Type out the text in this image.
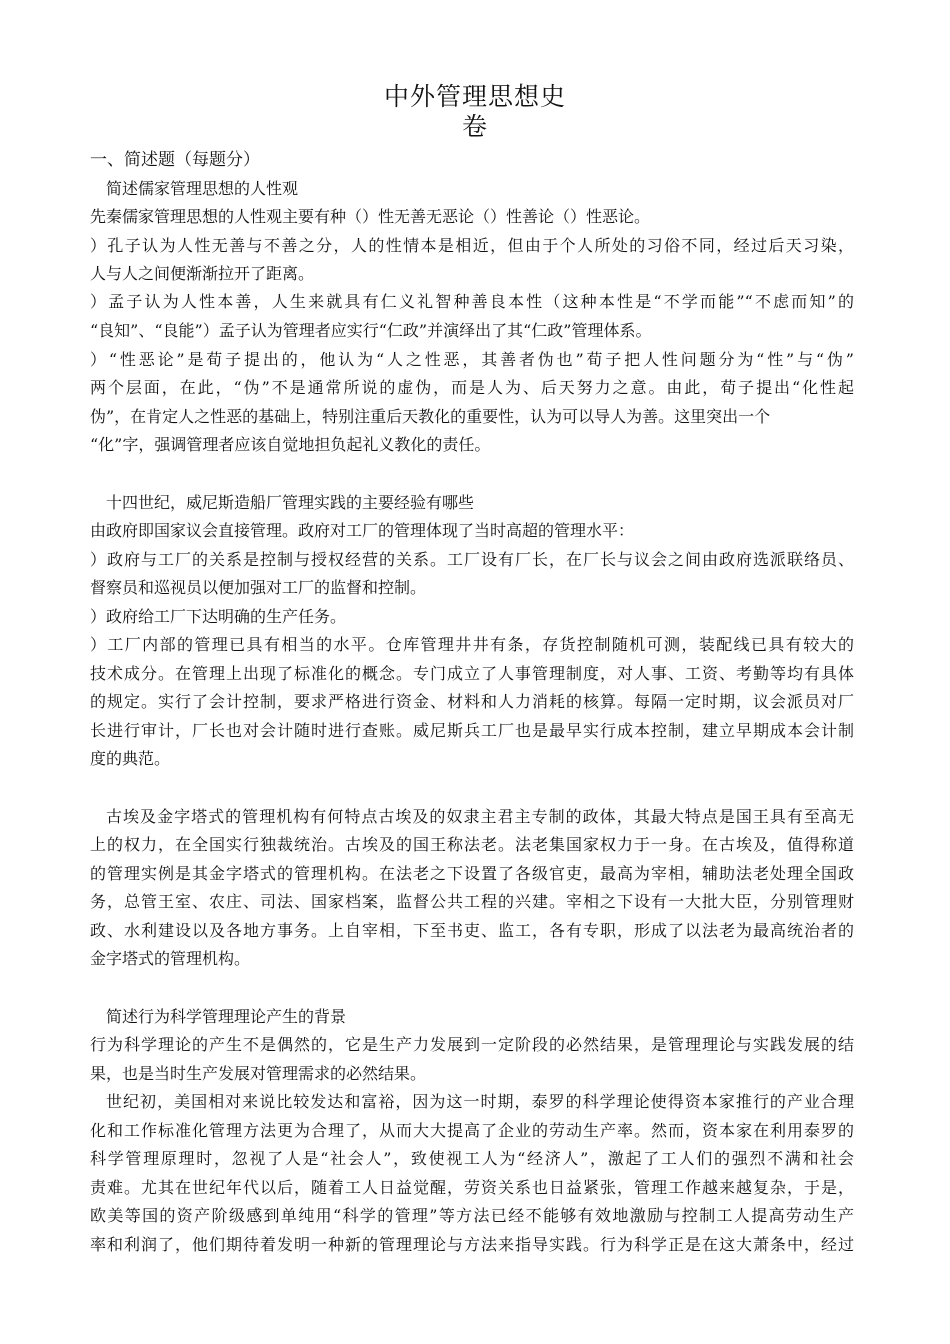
中外管理思想史
卷

一、简述题（每题分）

简述儒家管理思想的人性观

先秦儒家管理思想的人性观主要有种（）性无善无恶论（）性善论（）性恶论。

）孔子认为人性无善与不善之分，人的性情本是相近，但由于个人所处的习俗不同，经过后天习染，

人与人之间便渐渐拉开了距离。

）孟子认为人性本善，人生来就具有仁义礼智种善良本性（这种本性是“不学而能”“不虑而知”的

“良知”、“良能”）孟子认为管理者应实行“仁政”并演绎出了其“仁政”管理体系。

）“性恶论”是荀子提出的，他认为“人之性恶，其善者伪也”荀子把人性问题分为“性”与“伪”

两个层面，在此，“伪”不是通常所说的虚伪，而是人为、后天努力之意。由此，荀子提出“化性起

伪”，在肯定人之性恶的基础上，特别注重后天教化的重要性，认为可以导人为善。这里突出一个

“化”字，强调管理者应该自觉地担负起礼义教化的责任。

十四世纪，威尼斯造船厂管理实践的主要经验有哪些

由政府即国家议会直接管理。政府对工厂的管理体现了当时高超的管理水平：

）政府与工厂的关系是控制与授权经营的关系。工厂设有厂长，在厂长与议会之间由政府选派联络员、

督察员和巡视员以便加强对工厂的监督和控制。

）政府给工厂下达明确的生产任务。

）工厂内部的管理已具有相当的水平。仓库管理井井有条，存货控制随机可测，装配线已具有较大的

技术成分。在管理上出现了标准化的概念。专门成立了人事管理制度，对人事、工资、考勤等均有具体

的规定。实行了会计控制，要求严格进行资金、材料和人力消耗的核算。每隔一定时期，议会派员对厂

长进行审计，厂长也对会计随时进行查账。威尼斯兵工厂也是最早实行成本控制，建立早期成本会计制

度的典范。

古埃及金字塔式的管理机构有何特点古埃及的奴隶主君主专制的政体，其最大特点是国王具有至高无

上的权力，在全国实行独裁统治。古埃及的国王称法老。法老集国家权力于一身。在古埃及，值得称道

的管理实例是其金字塔式的管理机构。在法老之下设置了各级官吏，最高为宰相，辅助法老处理全国政

务，总管王室、农庄、司法、国家档案，监督公共工程的兴建。宰相之下设有一大批大臣，分别管理财

政、水利建设以及各地方事务。上自宰相，下至书吏、监工，各有专职，形成了以法老为最高统治者的

金字塔式的管理机构。

简述行为科学管理理论产生的背景

行为科学理论的产生不是偶然的，它是生产力发展到一定阶段的必然结果，是管理理论与实践发展的结

果，也是当时生产发展对管理需求的必然结果。

世纪初，美国相对来说比较发达和富裕，因为这一时期，泰罗的科学理论使得资本家推行的产业合理

化和工作标准化管理方法更为合理了，从而大大提高了企业的劳动生产率。然而，资本家在利用泰罗的

科学管理原理时，忽视了人是“社会人”，致使视工人为“经济人”，激起了工人们的强烈不满和社会

责难。尤其在世纪年代以后，随着工人日益觉醒，劳资关系也日益紧张，管理工作越来越复杂，于是，

欧美等国的资产阶级感到单纯用“科学的管理”等方法已经不能够有效地激励与控制工人提高劳动生产

率和利润了，他们期待着发明一种新的管理理论与方法来指导实践。行为科学正是在这大萧条中，经过
